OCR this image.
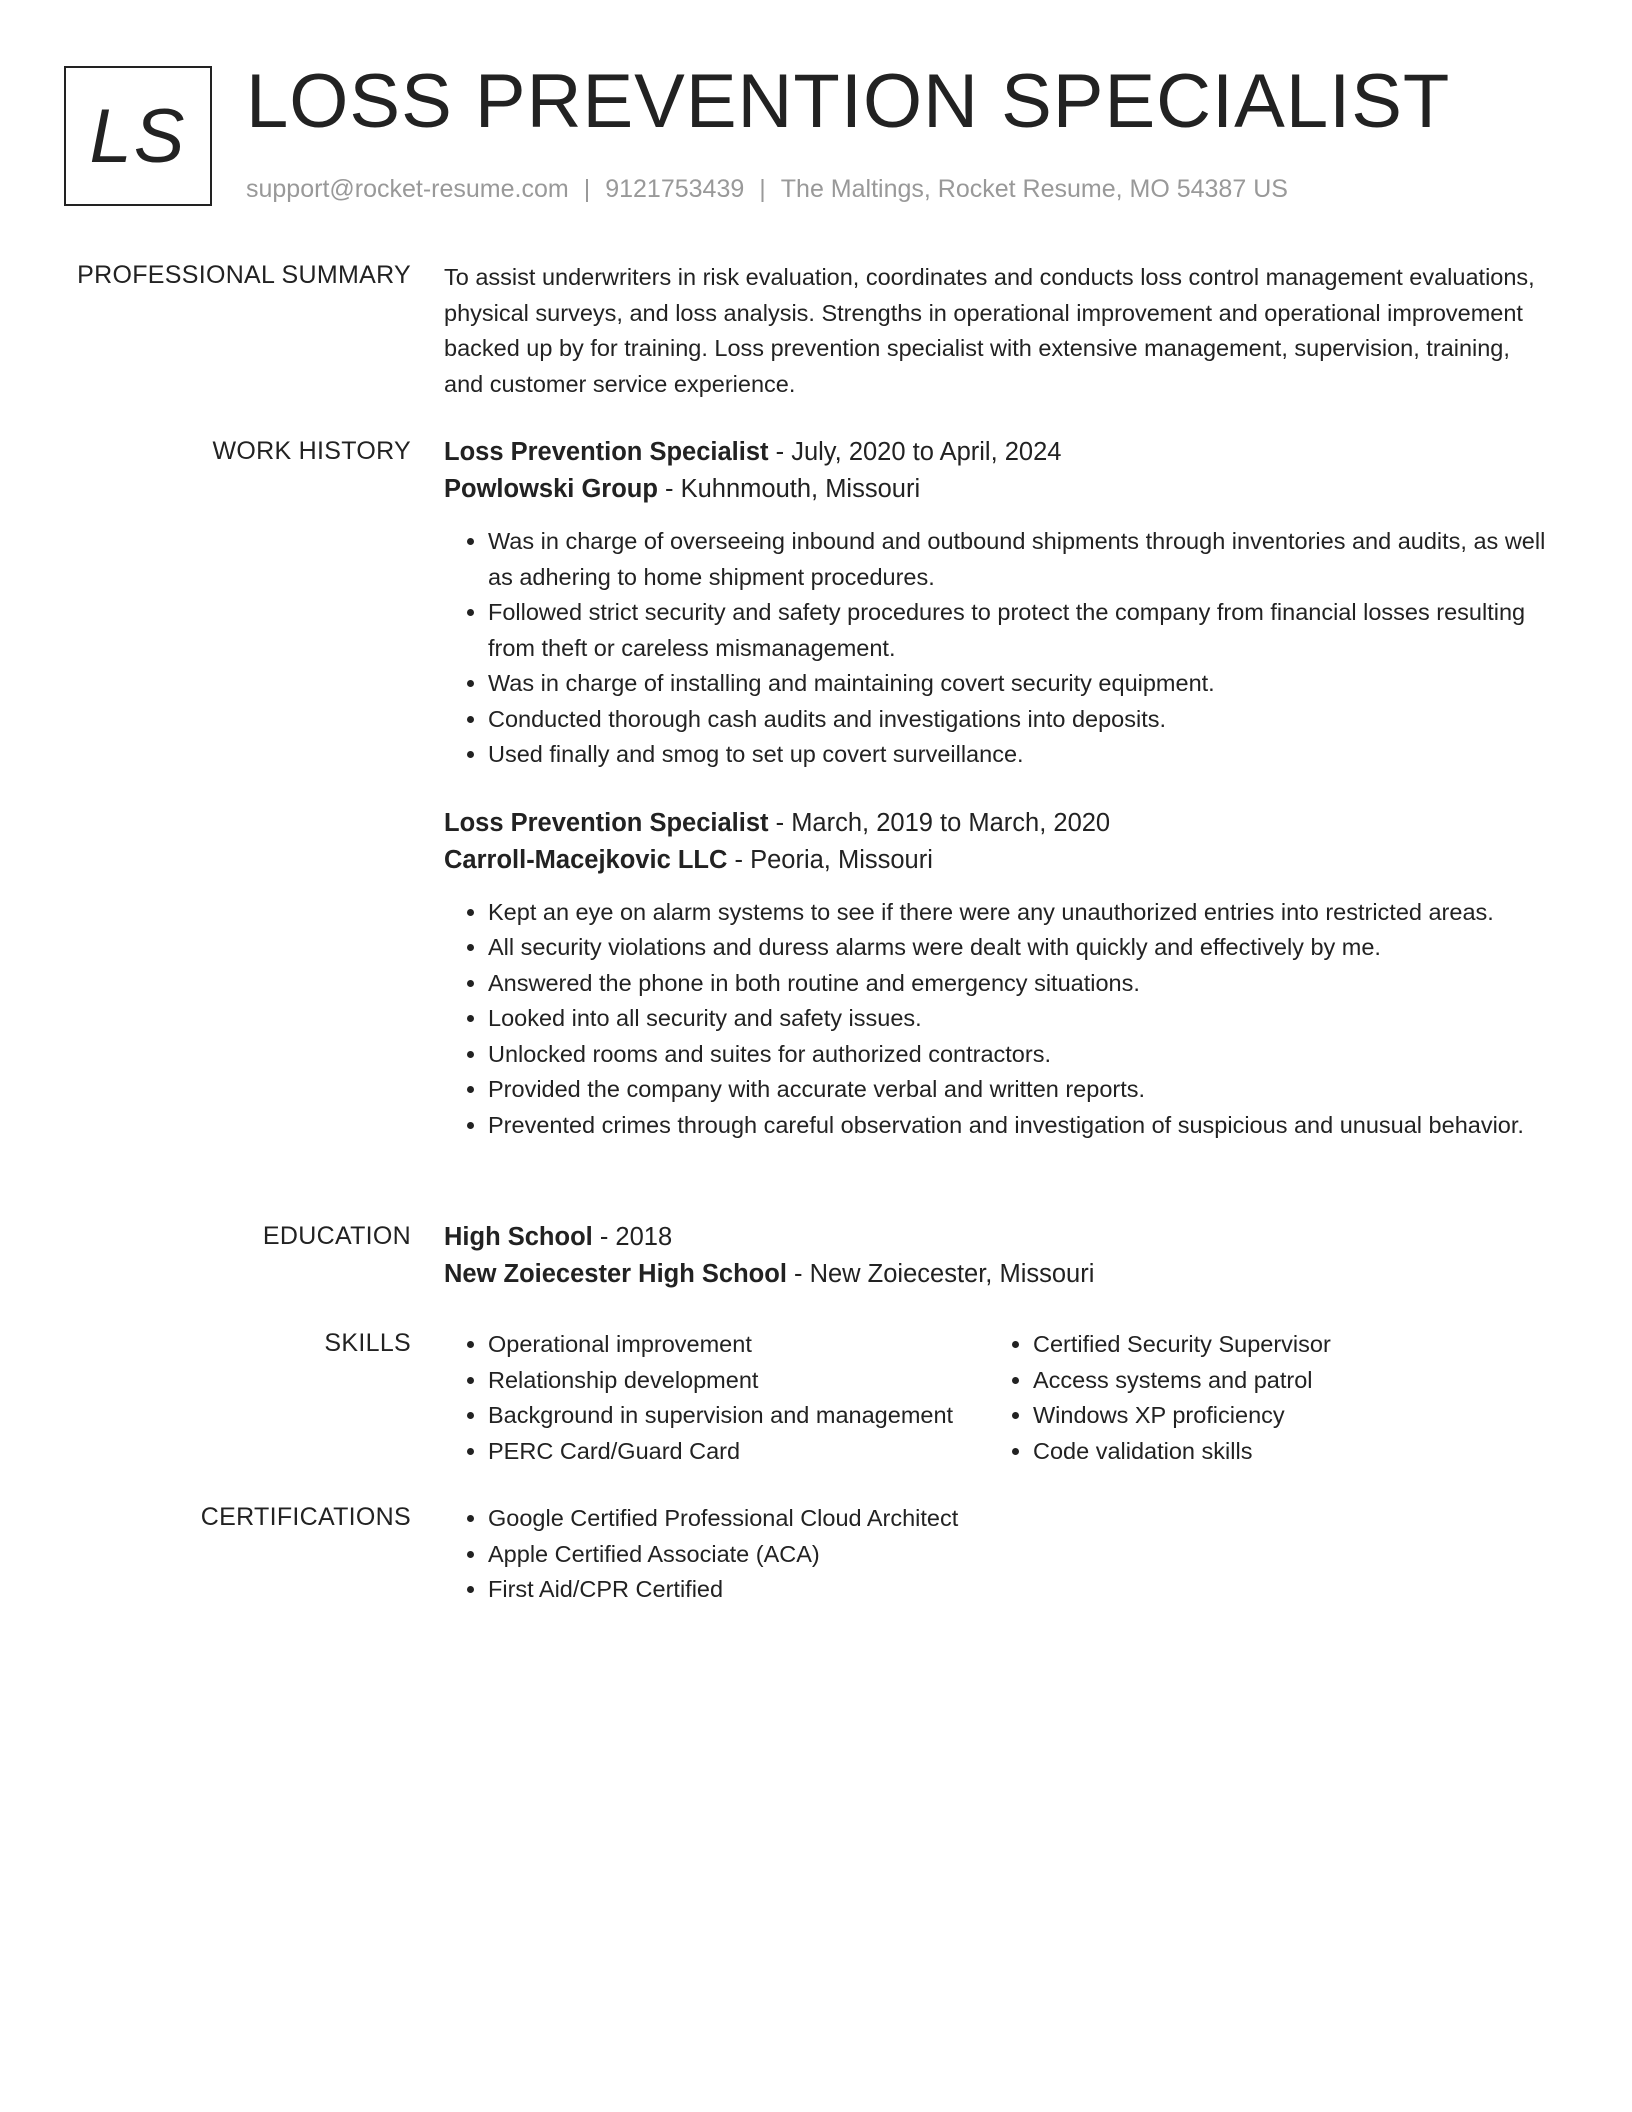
LS LOSS PREVENTION SPECIALIST
support@rocket-resume.com | 9121753439 | The Maltings, Rocket Resume, MO 54387 US
PROFESSIONAL SUMMARY To assist underwriters in risk evaluation, coordinates and conducts loss control management evaluations, physical surveys, and loss analysis. Strengths in operational improvement and operational improvement backed up by for training. Loss prevention specialist with extensive management, supervision, training, and customer service experience.

WORK HISTORY Loss Prevention Specialist - July, 2020 to April, 2024
Powlowski Group - Kuhnmouth, Missouri
• Was in charge of overseeing inbound and outbound shipments through inventories and audits, as well as adhering to home shipment procedures.
• Followed strict security and safety procedures to protect the company from financial losses resulting from theft or careless mismanagement.
• Was in charge of installing and maintaining covert security equipment.
• Conducted thorough cash audits and investigations into deposits.
• Used finally and smog to set up covert surveillance.
Loss Prevention Specialist - March, 2019 to March, 2020
Carroll-Macejkovic LLC - Peoria, Missouri
• Kept an eye on alarm systems to see if there were any unauthorized entries into restricted areas.
• All security violations and duress alarms were dealt with quickly and effectively by me.
• Answered the phone in both routine and emergency situations.
• Looked into all security and safety issues.
• Unlocked rooms and suites for authorized contractors.
• Provided the company with accurate verbal and written reports.
• Prevented crimes through careful observation and investigation of suspicious and unusual behavior.
EDUCATION High School - 2018
New Zoiecester High School - New Zoiecester, Missouri
SKILLS	• Operational improvement
• Relationship development
• Background in supervision and management
• PERC Card/Guard Card
• Certified Security Supervisor
• Access systems and patrol
• Windows XP proficiency
• Code validation skills
CERTIFICATIONS	• Google Certified Professional Cloud Architect
• Apple Certified Associate (ACA)
• First Aid/CPR Certified
